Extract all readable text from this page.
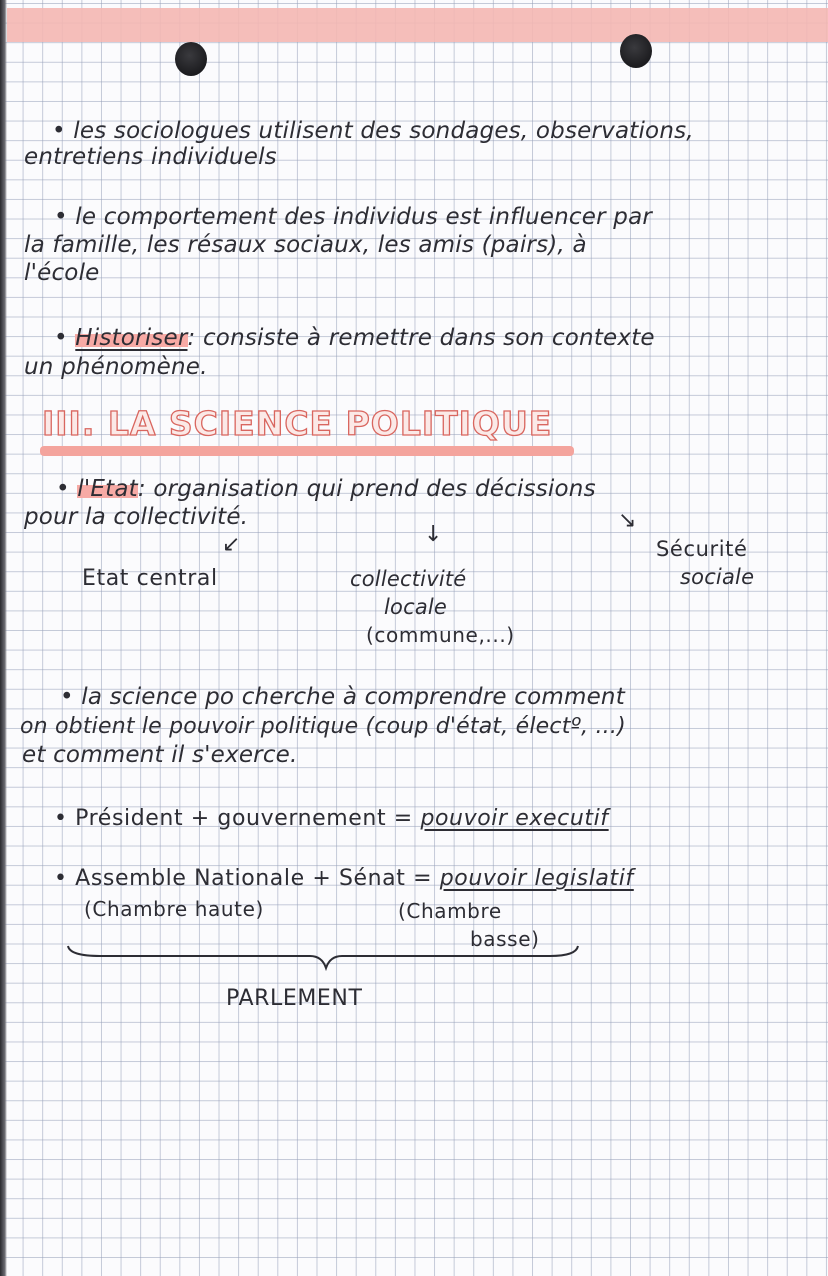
• les sociologues utilisent des sondages, observations,
entretiens individuels
• le comportement des individus est influencer par
la famille, les résaux sociaux, les amis (pairs), à
l'école
• Historiser: consiste à remettre dans son contexte
un phénomène.
III. LA SCIENCE POLITIQUE
• l'Etat: organisation qui prend des décissions
pour la collectivité.
↙	↓
↘
Etat central	collectivité
locale
(commune,...)
Sécurité
sociale
• la science po cherche à comprendre comment
on obtient le pouvoir politique (coup d'état, électº, ...)
et comment il s'exerce.
• Président + gouvernement = pouvoir executif
• Assemble Nationale + Sénat = pouvoir legislatif
(Chambre haute)	(Chambre
basse)
PARLEMENT
